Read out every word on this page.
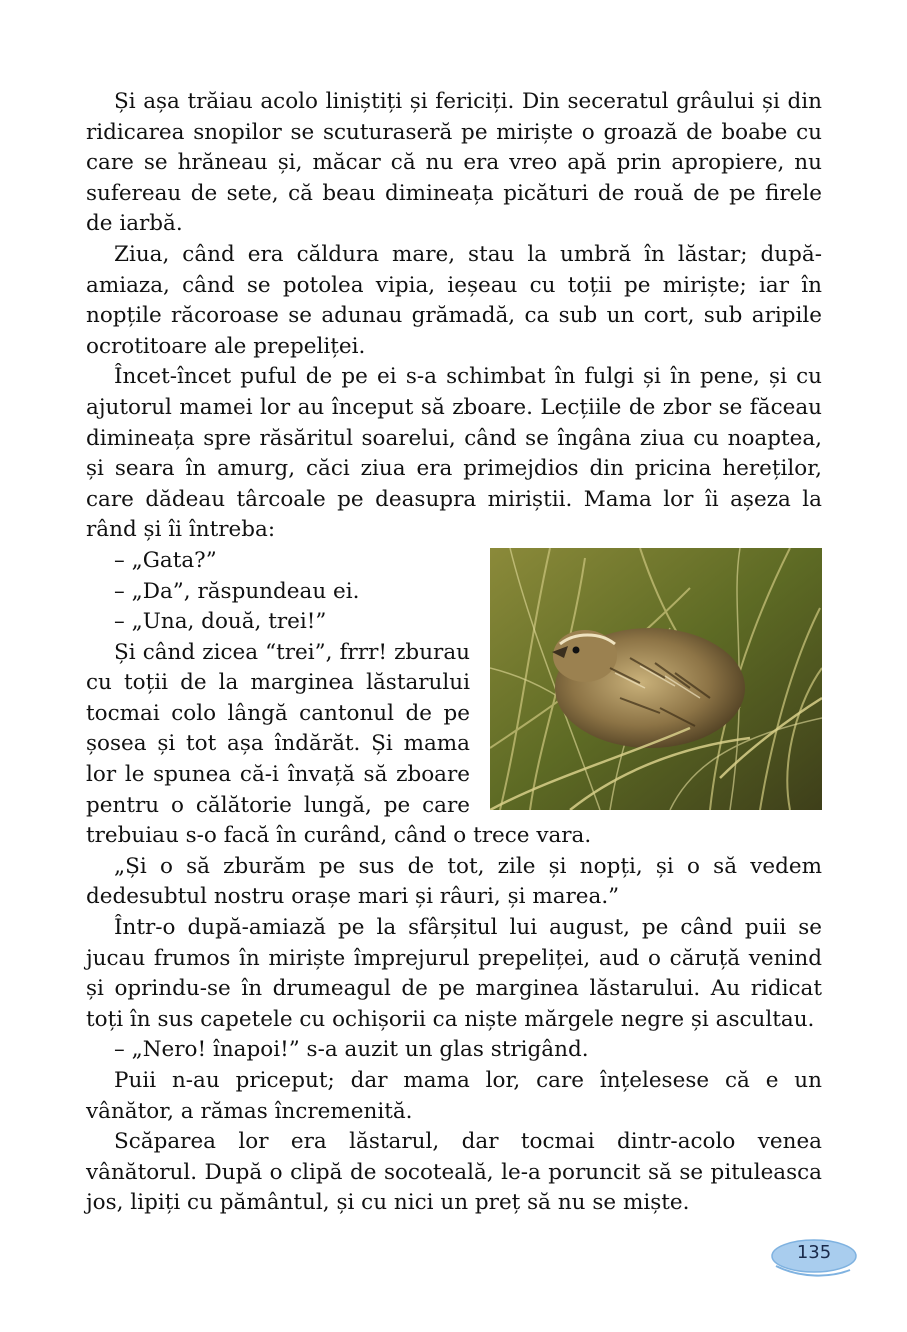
Și așa trăiau acolo liniștiți și fericiți. Din seceratul grâului și din ridicarea snopilor se scuturaseră pe miriște o groază de boabe cu care se hrăneau și, măcar că nu era vreo apă prin apropiere, nu sufereau de sete, că beau dimineața picături de rouă de pe firele de iarbă.

Ziua, când era căldura mare, stau la umbră în lăstar; după-amiaza, când se potolea vipia, ieșeau cu toții pe miriște; iar în nopțile răcoroase se adunau grămadă, ca sub un cort, sub aripile ocrotitoare ale prepeliței.

Încet-încet puful de pe ei s-a schimbat în fulgi și în pene, și cu ajutorul mamei lor au început să zboare. Lecțiile de zbor se făceau dimineața spre răsăritul soarelui, când se îngâna ziua cu noaptea, și seara în amurg, căci ziua era primejdios din pricina hereților, care dădeau târcoale pe deasupra miriștii. Mama lor îi așeza la rând și îi întreba:

– „Gata?”

– „Da”, răspundeau ei.

– „Una, două, trei!”

Și când zicea “trei”, frrr! zburau cu toții de la marginea lăstarului tocmai colo lângă cantonul de pe șosea și tot așa îndărăt. Și mama lor le spunea că-i învață să zboare pentru o călătorie lungă, pe care trebuiau s-o facă în curând, când o trece vara.

„Și o să zburăm pe sus de tot, zile și nopți, și o să vedem dedesubtul nostru orașe mari și râuri, și marea.”

Într-o după-amiază pe la sfârșitul lui august, pe când puii se jucau frumos în miriște împrejurul prepeliței, aud o căruță venind și oprindu-se în drumeagul de pe marginea lăstarului. Au ridicat toți în sus capetele cu ochișorii ca niște mărgele negre și ascultau.

– „Nero! înapoi!” s-a auzit un glas strigând.

Puii n-au priceput; dar mama lor, care înțelesese că e un vânător, a rămas încremenită.

Scăparea lor era lăstarul, dar tocmai dintr-acolo venea vânătorul. După o clipă de socoteală, le-a poruncit să se pituleasca jos, lipiți cu pământul, și cu nici un preț să nu se miște.

135
